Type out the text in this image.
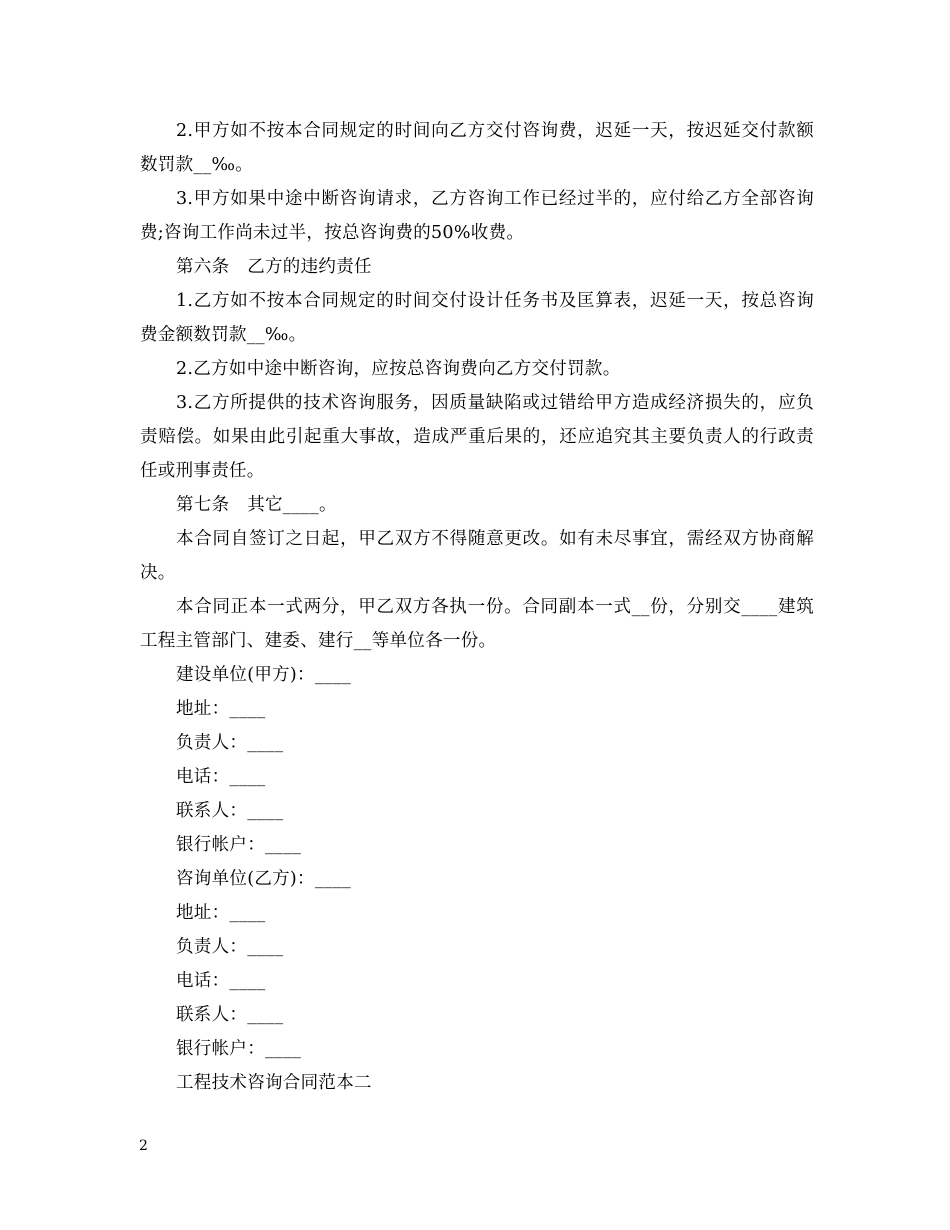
2.甲方如不按本合同规定的时间向乙方交付咨询费，迟延一天，按迟延交付款额数罚款__‰。

3.甲方如果中途中断咨询请求，乙方咨询工作已经过半的，应付给乙方全部咨询费;咨询工作尚未过半，按总咨询费的50%收费。

第六条　乙方的违约责任

1.乙方如不按本合同规定的时间交付设计任务书及匡算表，迟延一天，按总咨询费金额数罚款__‰。

2.乙方如中途中断咨询，应按总咨询费向乙方交付罚款。

3.乙方所提供的技术咨询服务，因质量缺陷或过错给甲方造成经济损失的，应负责赔偿。如果由此引起重大事故，造成严重后果的，还应追究其主要负责人的行政责任或刑事责任。

第七条　其它____。

本合同自签订之日起，甲乙双方不得随意更改。如有未尽事宜，需经双方协商解决。

本合同正本一式两分，甲乙双方各执一份。合同副本一式__份，分别交____建筑工程主管部门、建委、建行__等单位各一份。

建设单位(甲方)：____

地址：____

负责人：____

电话：____

联系人：____

银行帐户：____

咨询单位(乙方)：____

地址：____

负责人：____

电话：____

联系人：____

银行帐户：____

工程技术咨询合同范本二

2
